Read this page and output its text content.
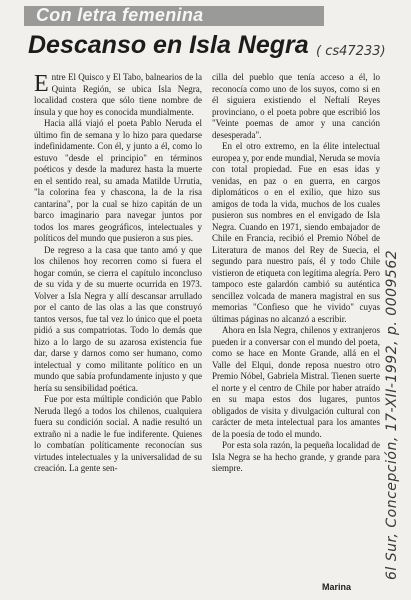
Con letra femenina
Descanso en Isla Negra ( cs47233)

Entre El Quisco y El Tabo, balnearios de la Quinta Región, se ubica Isla Negra, localidad costera que sólo tiene nombre de ínsula y que hoy es conocida mundialmente.

Hacia allá viajó el poeta Pablo Neruda el último fin de semana y lo hizo para quedarse indefinidamente. Con él, y junto a él, como lo estuvo "desde el principio" en términos poéticos y desde la madurez hasta la muerte en el sentido real, su amada Matilde Urrutia, "la colorina fea y chascona, la de la risa cantarina", por la cual se hizo capitán de un barco imaginario para navegar juntos por todos los mares geográficos, intelectuales y políticos del mundo que pusieron a sus pies.

De regreso a la casa que tanto amó y que los chilenos hoy recorren como si fuera el hogar común, se cierra el capítulo inconcluso de su vida y de su muerte ocurrida en 1973. Volver a Isla Negra y allí descansar arrullado por el canto de las olas a las que construyó tantos versos, fue tal vez lo único que el poeta pidió a sus compatriotas. Todo lo demás que hizo a lo largo de su azarosa existencia fue dar, darse y darnos como ser humano, como intelectual y como militante político en un mundo que sabía profundamente injusto y que hería su sensibilidad poética.

Fue por esta múltiple condición que Pablo Neruda llegó a todos los chilenos, cualquiera fuera su condición social. A nadie resultó un extraño ni a nadie le fue indiferente. Quienes lo combatían políticamente reconocían sus virtudes intelectuales y la universalidad de su creación. La gente sen-

cilla del pueblo que tenía acceso a él, lo reconocía como uno de los suyos, como si en él siguiera existiendo el Neftalí Reyes provinciano, o el poeta pobre que escribió los "Veinte poemas de amor y una canción desesperada".

En el otro extremo, en la élite intelectual europea y, por ende mundial, Neruda se movía con total propiedad. Fue en esas idas y venidas, en paz o en guerra, en cargos diplomáticos o en el exilio, que hizo sus amigos de toda la vida, muchos de los cuales pusieron sus nombres en el envigado de Isla Negra. Cuando en 1971, siendo embajador de Chile en Francia, recibió el Premio Nóbel de Literatura de manos del Rey de Suecia, el segundo para nuestro país, él y todo Chile vistieron de etiqueta con legítima alegría. Pero tampoco este galardón cambió su auténtica sencillez volcada de manera magistral en sus memorias "Confieso que he vivido" cuyas últimas páginas no alcanzó a escribir.

Ahora en Isla Negra, chilenos y extranjeros pueden ir a conversar con el mundo del poeta, como se hace en Monte Grande, allá en el Valle del Elqui, donde reposa nuestro otro Premio Nóbel, Gabriela Mistral. Tienen suerte el norte y el centro de Chile por haber atraído en su mapa estos dos lugares, puntos obligados de visita y divulgación cultural con carácter de meta intelectual para los amantes de la poesía de todo el mundo.

Por esta sola razón, la pequeña localidad de Isla Negra se ha hecho grande, y grande para siempre.

Marina
6l Sur, Concepción, 17-XII-1992, p. 0009562
